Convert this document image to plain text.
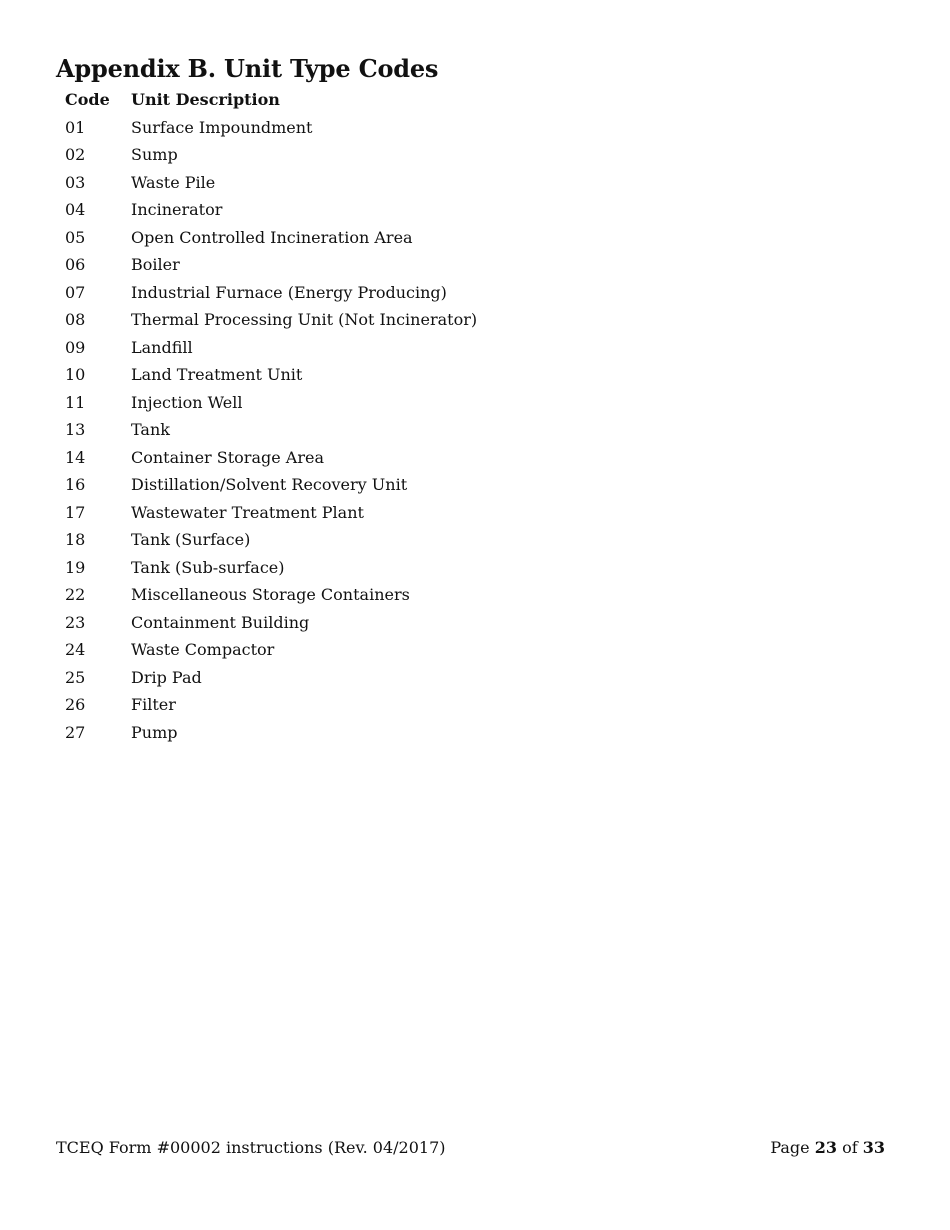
Appendix B. Unit Type Codes
Code	Unit Description
01	Surface Impoundment
02	Sump
03	Waste Pile
04	Incinerator
05	Open Controlled Incineration Area
06	Boiler
07	Industrial Furnace (Energy Producing)
08	Thermal Processing Unit (Not Incinerator)
09	Landfill
10	Land Treatment Unit
11	Injection Well
13	Tank
14	Container Storage Area
16	Distillation/Solvent Recovery Unit
17	Wastewater Treatment Plant
18	Tank (Surface)
19	Tank (Sub-surface)
22	Miscellaneous Storage Containers
23	Containment Building
24	Waste Compactor
25	Drip Pad
26	Filter
27	Pump
TCEQ Form #00002 instructions (Rev. 04/2017)	Page 23 of 33
